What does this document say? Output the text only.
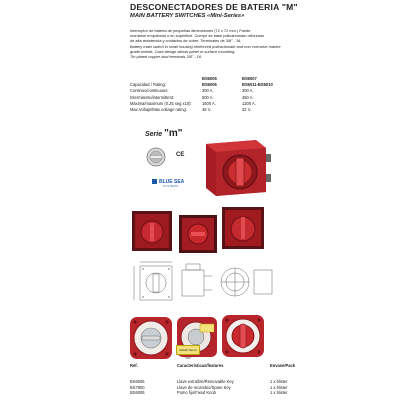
DESCONECTADORES DE BATERIA "M"
MAIN BATTERY SWITCHES «Mini-Series»
Interruptor de batería de pequeñas dimensiones (72 x 72 mm.) Puede
montarse empotrado o en superficie. Cuerpo de base policarbonato reforzado
de alta resistencia y contactos de cobre. Terminales de 3/8" - 16.
Battery main switch in small housing reinforced policarbonate and non corrosive marine
grade metals. Case design allows panel or surface mounting.
Tin plated copper stud terminals 3/8" - 16.
	BS6005	BS6007
Capacidad / Rating:	BS6006	BS6011-BS6010
Continuo/continuous:	300 A.	300 A.
Intermitente/intermittent:	500 A.	450 A.
Máxima/maximum (0.25 seg x10):	1500 A.	1200 A.
Max.Voltaje/Max.voltage rating:	48 V.	32 V.
Serie "m"
CE
BLUE SEA
SYSTEMS
Switch Set to "ON"
Ref.	Características/features	Envase/Pack
BS6005	Llave extraíble/Removable Key	1 x blister
BS7900	Llave de recambio/Spare Key	1 x blister
BS6006	Pomo fijo/Fixed Knob	1 x blister
